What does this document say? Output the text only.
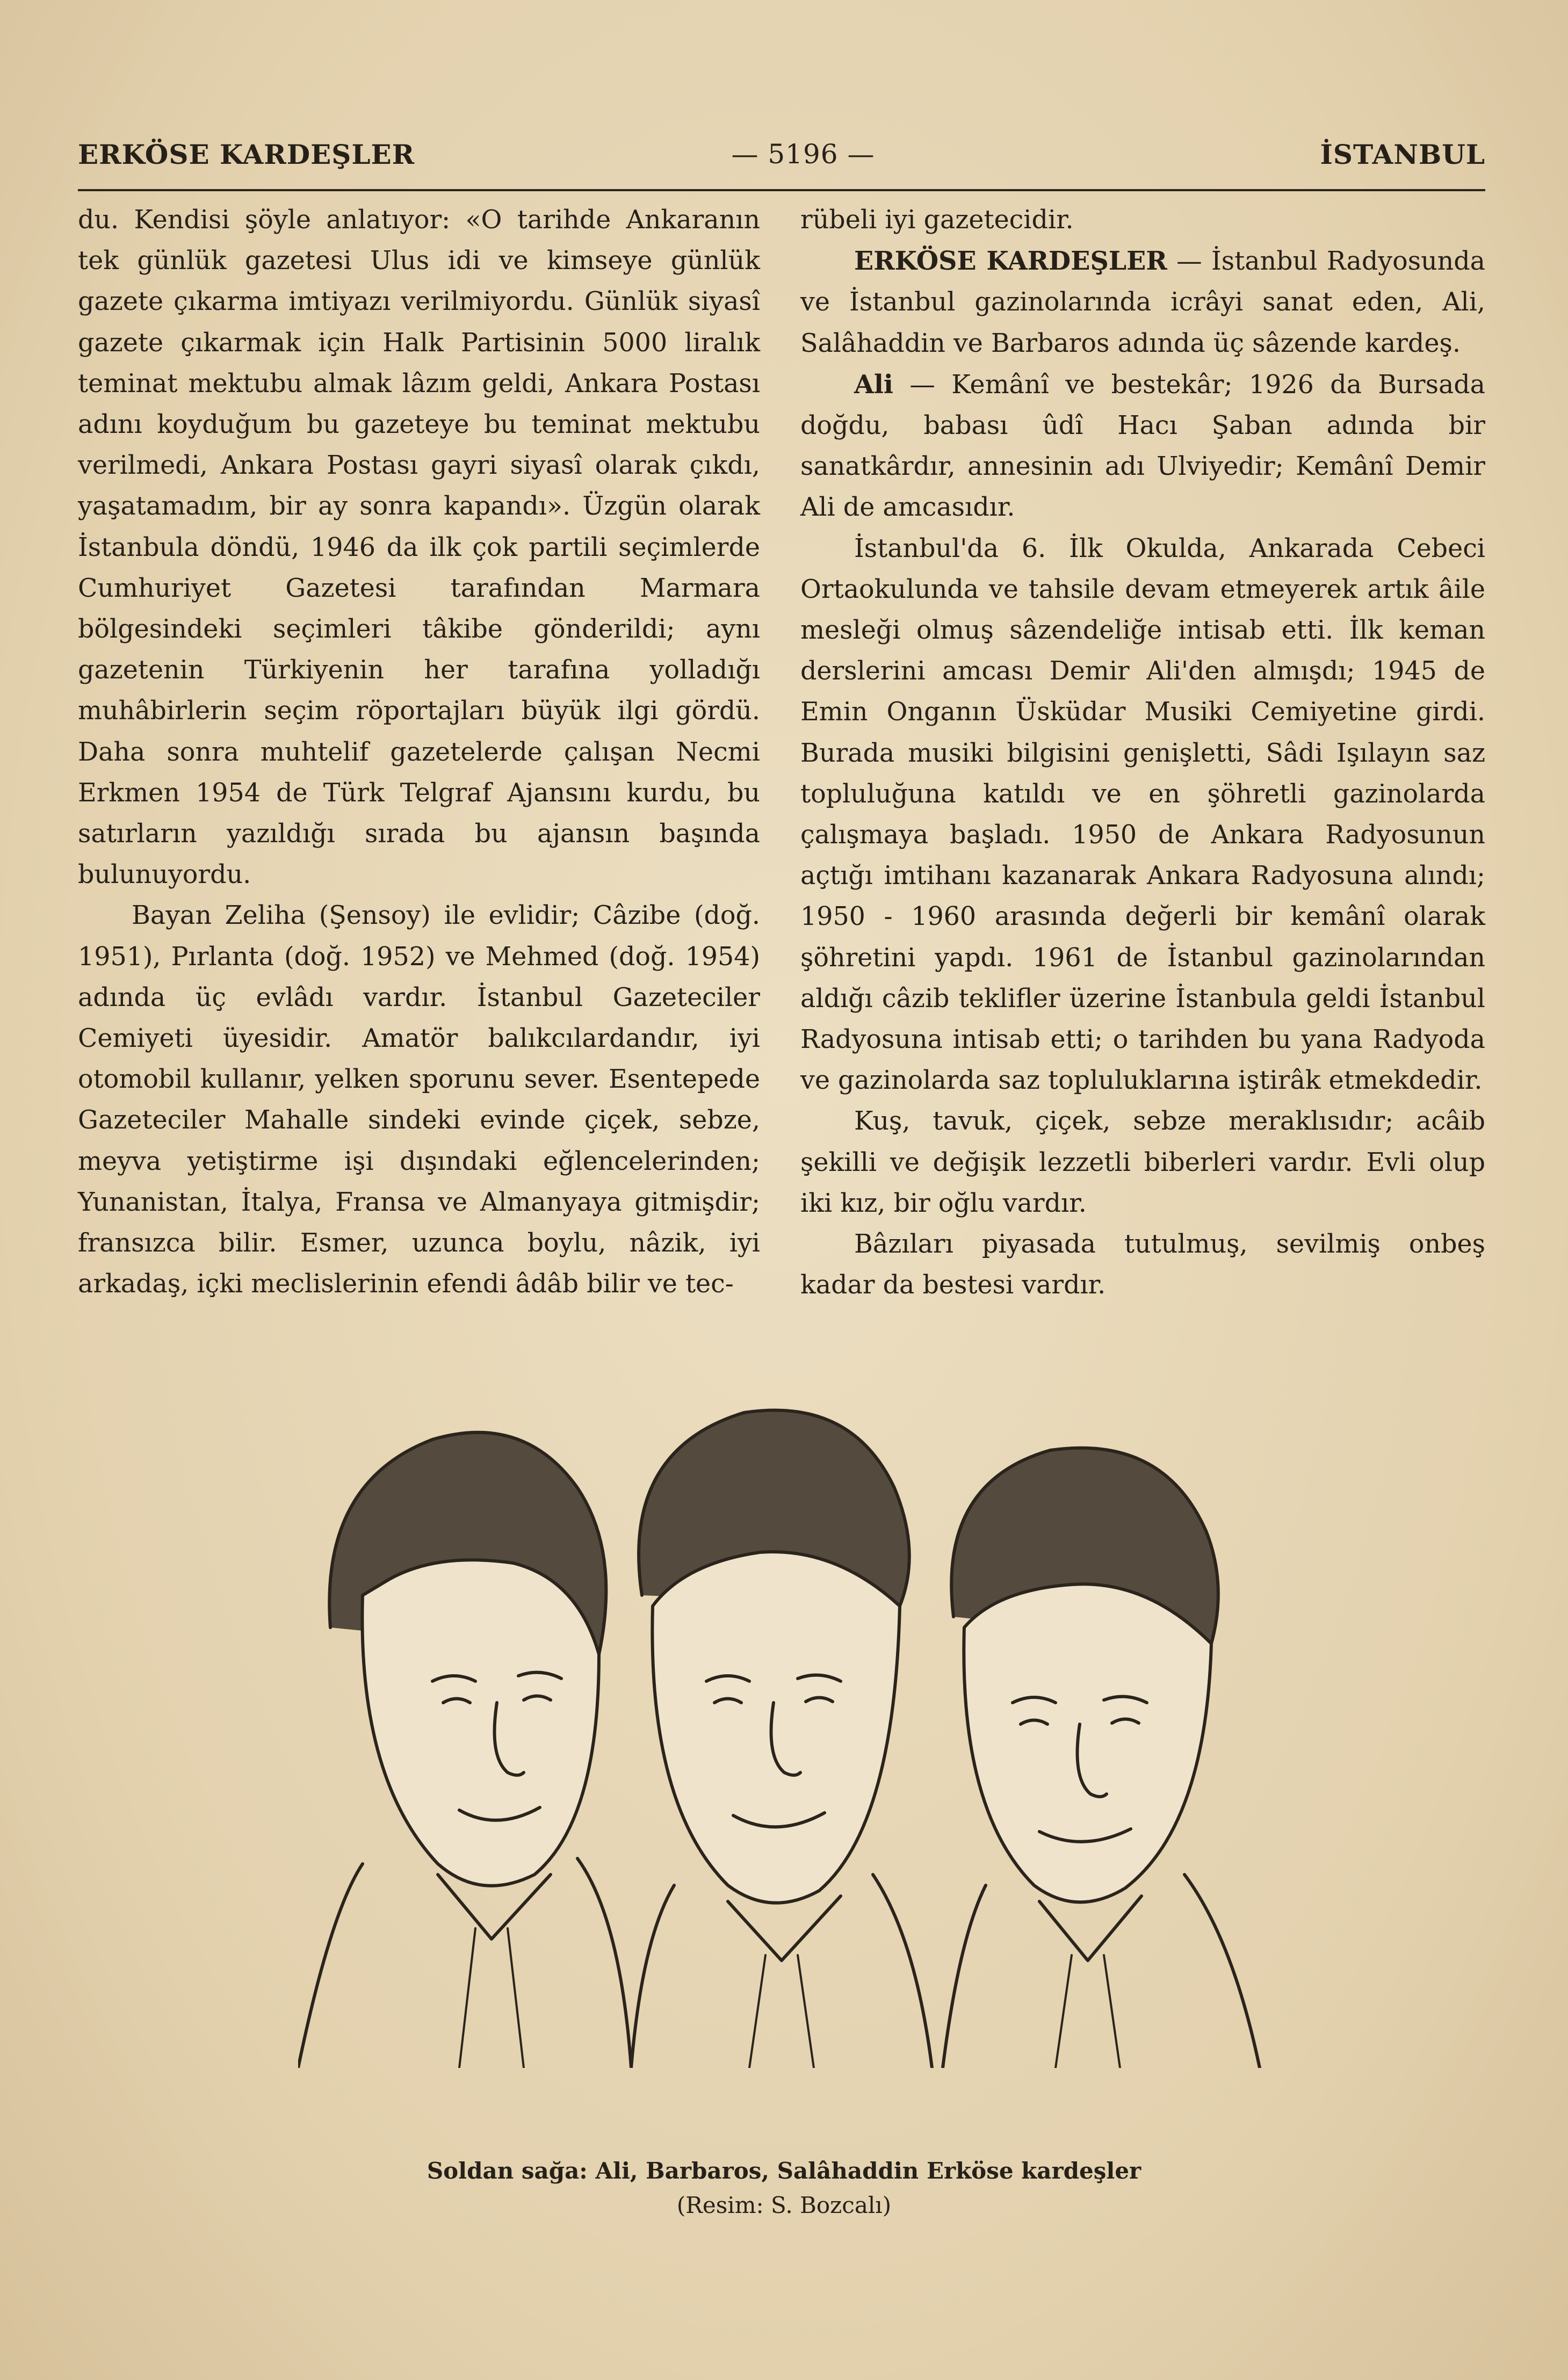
ERKÖSE KARDEŞLER	— 5196 —	İSTANBUL

du. Kendisi şöyle anlatıyor: «O tarihde Ankaranın tek günlük gazetesi Ulus idi ve kimseye günlük gazete çıkarma imtiyazı verilmiyordu. Günlük siyasî gazete çıkarmak için Halk Partisinin 5000 liralık teminat mektubu almak lâzım geldi, Ankara Postası adını koyduğum bu gazeteye bu teminat mektubu verilmedi, Ankara Postası gayri siyasî olarak çıkdı, yaşatamadım, bir ay sonra kapandı». Üzgün olarak İstanbula döndü, 1946 da ilk çok partili seçimlerde Cumhuriyet Gazetesi tarafından Marmara bölgesindeki seçimleri tâkibe gönderildi; aynı gazetenin Türkiyenin her tarafına yolladığı muhâbirlerin seçim röportajları büyük ilgi gördü. Daha sonra muhtelif gazetelerde çalışan Necmi Erkmen 1954 de Türk Telgraf Ajansını kurdu, bu satırların yazıldığı sırada bu ajansın başında bulunuyordu.

Bayan Zeliha (Şensoy) ile evlidir; Câzibe (doğ. 1951), Pırlanta (doğ. 1952) ve Mehmed (doğ. 1954) adında üç evlâdı vardır. İstanbul Gazeteciler Cemiyeti üyesidir. Amatör balıkcılardandır, iyi otomobil kullanır, yelken sporunu sever. Esentepede Gazeteciler Mahalle sindeki evinde çiçek, sebze, meyva yetiştirme işi dışındaki eğlencelerinden; Yunanistan, İtalya, Fransa ve Almanyaya gitmişdir; fransızca bilir. Esmer, uzunca boylu, nâzik, iyi arkadaş, içki meclislerinin efendi âdâb bilir ve tec-

rübeli iyi gazetecidir.

ERKÖSE KARDEŞLER — İstanbul Radyosunda ve İstanbul gazinolarında icrâyi sanat eden, Ali, Salâhaddin ve Barbaros adında üç sâzende kardeş.

Ali — Kemânî ve bestekâr; 1926 da Bursada doğdu, babası ûdî Hacı Şaban adında bir sanatkârdır, annesinin adı Ulviyedir; Kemânî Demir Ali de amcasıdır.

İstanbul'da 6. İlk Okulda, Ankarada Cebeci Ortaokulunda ve tahsile devam etmeyerek artık âile mesleği olmuş sâzendeliğe intisab etti. İlk keman derslerini amcası Demir Ali'den almışdı; 1945 de Emin Onganın Üsküdar Musiki Cemiyetine girdi. Burada musiki bilgisini genişletti, Sâdi Işılayın saz topluluğuna katıldı ve en şöhretli gazinolarda çalışmaya başladı. 1950 de Ankara Radyosunun açtığı imtihanı kazanarak Ankara Radyosuna alındı; 1950 - 1960 arasında değerli bir kemânî olarak şöhretini yapdı. 1961 de İstanbul gazinolarından aldığı câzib teklifler üzerine İstanbula geldi İstanbul Radyosuna intisab etti; o tarihden bu yana Radyoda ve gazinolarda saz topluluklarına iştirâk etmekdedir.

Kuş, tavuk, çiçek, sebze meraklısıdır; acâib şekilli ve değişik lezzetli biberleri vardır. Evli olup iki kız, bir oğlu vardır.

Bâzıları piyasada tutulmuş, sevilmiş onbeş kadar da bestesi vardır.

Soldan sağa: Ali, Barbaros, Salâhaddin Erköse kardeşler
(Resim: S. Bozcalı)
